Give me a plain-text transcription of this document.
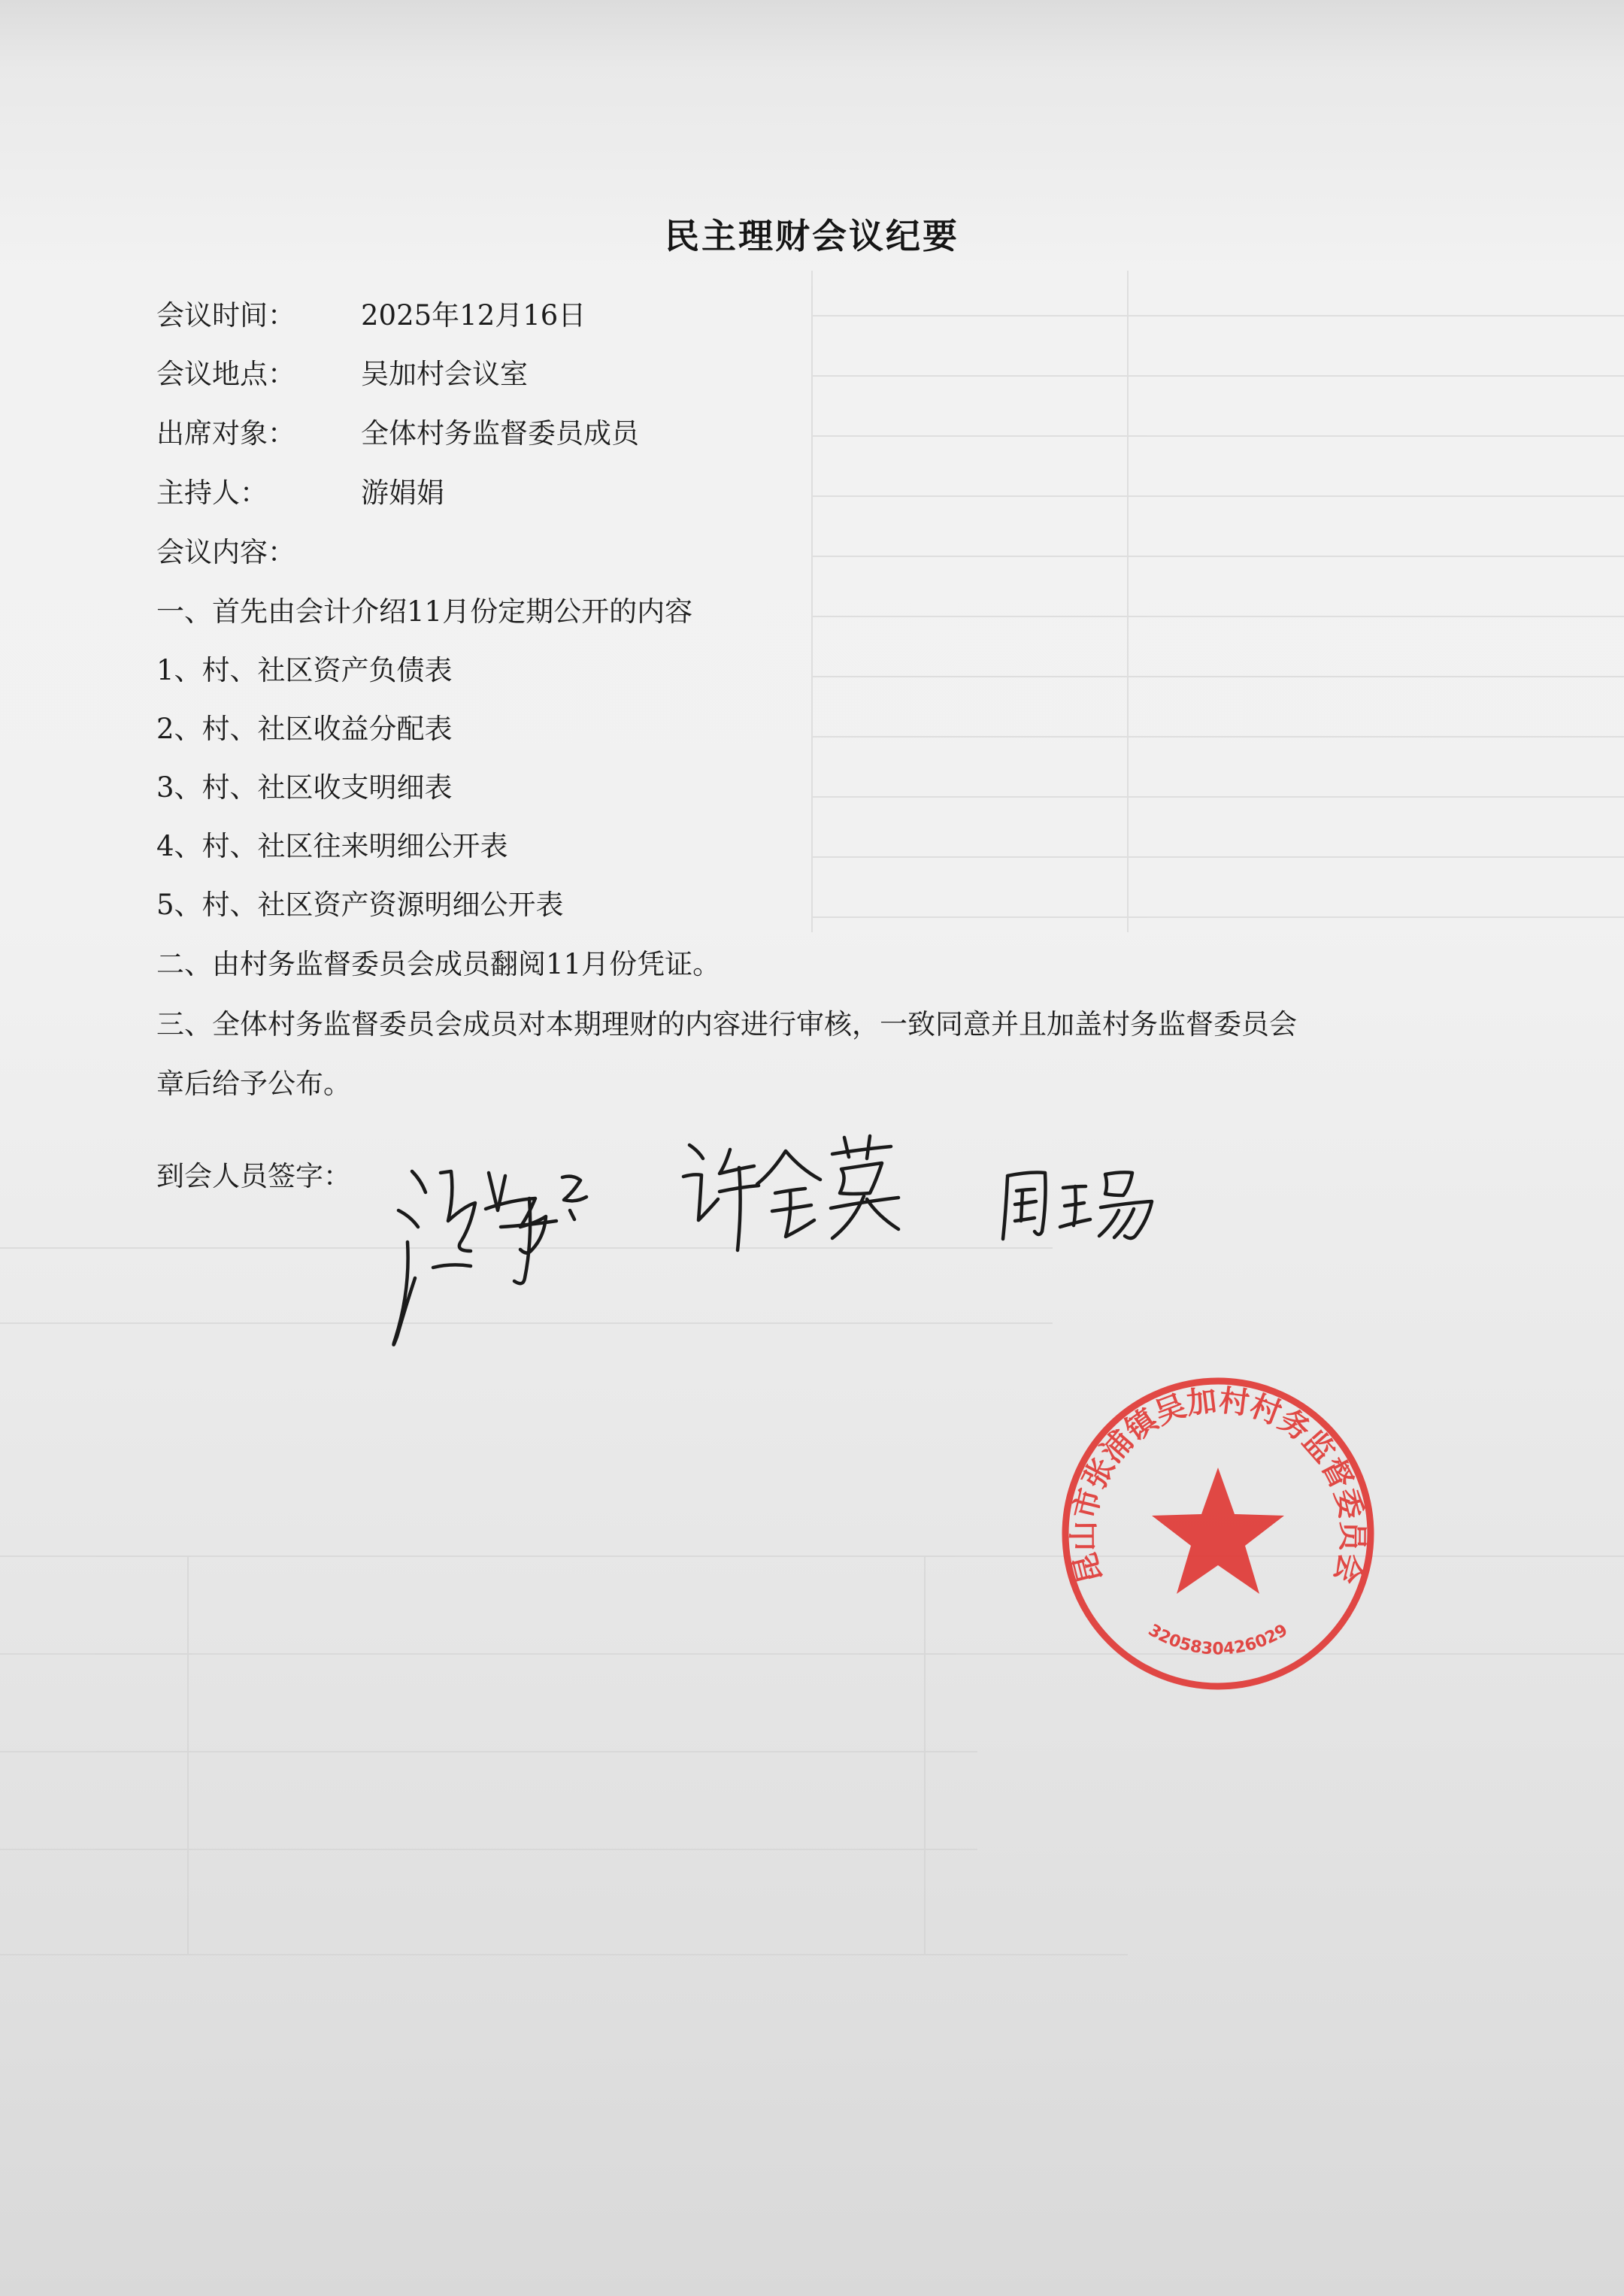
民主理财会议纪要
会议时间： 2025年12月16日
会议地点： 吴加村会议室
出席对象： 全体村务监督委员成员
主持人：	游娟娟
会议内容：
一、首先由会计介绍11月份定期公开的内容
1、村、社区资产负债表
2、村、社区收益分配表
3、村、社区收支明细表
4、村、社区往来明细公开表
5、村、社区资产资源明细公开表
二、由村务监督委员会成员翻阅11月份凭证。
三、全体村务监督委员会成员对本期理财的内容进行审核，一致同意并且加盖村务监督委员会
章后给予公布。
到会人员签字：
昆山市张浦镇吴加村村务监督委员会
3205830426029
